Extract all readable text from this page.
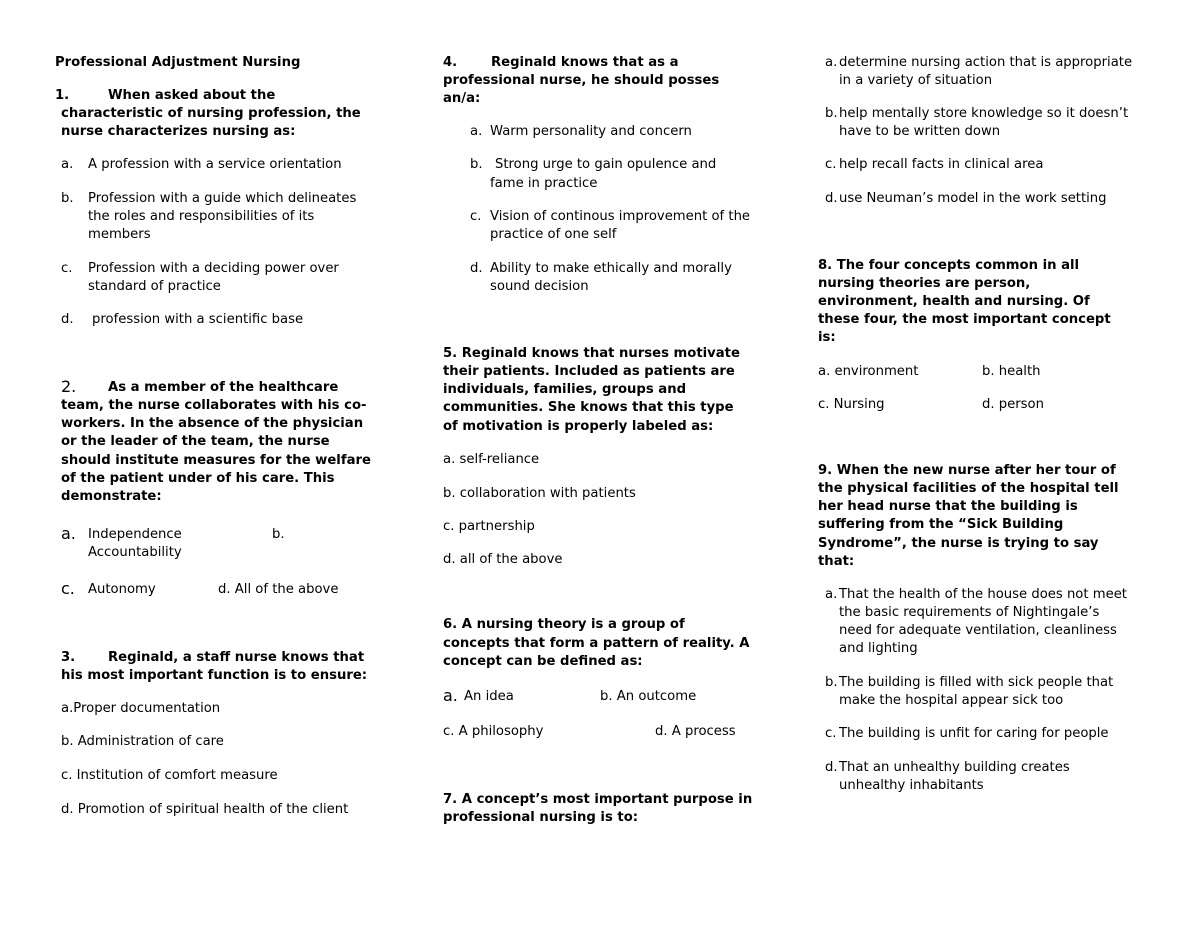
Professional Adjustment Nursing
1.	When asked about the
characteristic of nursing profession, the
nurse characterizes nursing as:
a. A profession with a service orientation
b. Profession with a guide which delineates
the roles and responsibilities of its
members
c. Profession with a deciding power over
standard of practice
d. profession with a scientific base
2. As a member of the healthcare
team, the nurse collaborates with his co-
workers. In the absence of the physician
or the leader of the team, the nurse
should institute measures for the welfare
of the patient under of his care. This
demonstrate:
a. Independence	b.
Accountability
c. Autonomy	d. All of the above
3. Reginald, a staff nurse knows that
his most important function is to ensure:
a.Proper documentation
b. Administration of care
c. Institution of comfort measure
d. Promotion of spiritual health of the client
4.	Reginald knows that as a
professional nurse, he should posses
an/a:
a. Warm personality and concern
b. Strong urge to gain opulence and
fame in practice
c. Vision of continous improvement of the
practice of one self
d. Ability to make ethically and morally
sound decision
5. Reginald knows that nurses motivate
their patients. Included as patients are
individuals, families, groups and
communities. She knows that this type
of motivation is properly labeled as:
a. self-reliance
b. collaboration with patients
c. partnership
d. all of the above
6. A nursing theory is a group of
concepts that form a pattern of reality. A
concept can be defined as:
a. An idea	b. An outcome
c. A philosophy	d. A process
7. A concept’s most important purpose in
professional nursing is to:
a. determine nursing action that is appropriate
in a variety of situation
b. help mentally store knowledge so it doesn’t
have to be written down
c. help recall facts in clinical area
d. use Neuman’s model in the work setting
8. The four concepts common in all
nursing theories are person,
environment, health and nursing. Of
these four, the most important concept
is:
a. environment	b. health
c. Nursing	d. person
9. When the new nurse after her tour of
the physical facilities of the hospital tell
her head nurse that the building is
suffering from the “Sick Building
Syndrome”, the nurse is trying to say
that:
a. That the health of the house does not meet
the basic requirements of Nightingale’s
need for adequate ventilation, cleanliness
and lighting
b. The building is filled with sick people that
make the hospital appear sick too
c. The building is unfit for caring for people
d. That an unhealthy building creates
unhealthy inhabitants
